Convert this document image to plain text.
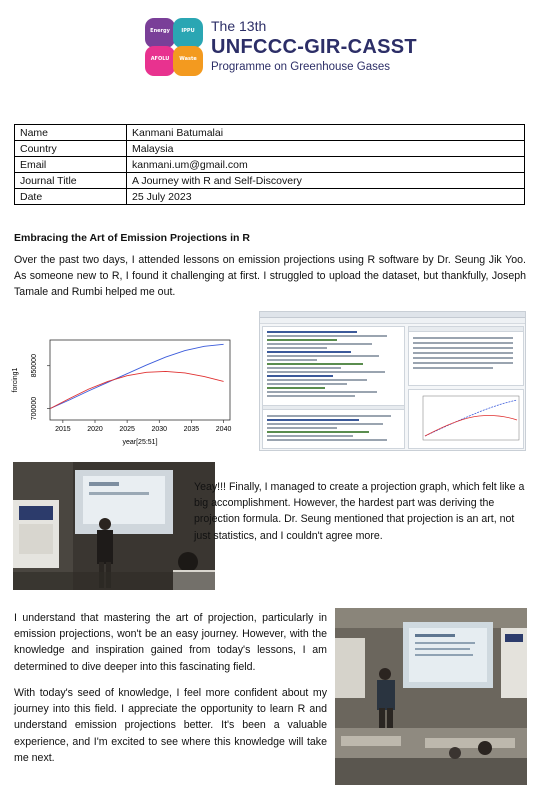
Energy	IPPU
AFOLU	Waste
The 13th
UNFCCC-GIR-CASST
Programme on Greenhouse Gases
Name	Kanmani Batumalai
Country	Malaysia
Email	kanmani.um@gmail.com
Journal Title	A Journey with R and Self-Discovery
Date	25 July 2023
Embracing the Art of Emission Projections in R

Over the past two days, I attended lessons on emission projections using R software by Dr. Seung Jik Yoo. As someone new to R, I found it challenging at first. I struggled to upload the dataset, but thankfully, Joseph Tamale and Rumbi helped me out.

forcing1
year[25:51]
2015 2020 2025 2030 2035 2040
700000
850000

Yeay!!! Finally, I managed to create a projection graph, which felt like a big accomplishment. However, the hardest part was deriving the projection formula. Dr. Seung mentioned that projection is an art, not just statistics, and I couldn't agree more.

I understand that mastering the art of projection, particularly in emission projections, won't be an easy journey. However, with the knowledge and inspiration gained from today's lessons, I am determined to dive deeper into this fascinating field.

With today's seed of knowledge, I feel more confident about my journey into this field. I appreciate the opportunity to learn R and understand emission projections better. It's been a valuable experience, and I'm excited to see where this knowledge will take me next.
